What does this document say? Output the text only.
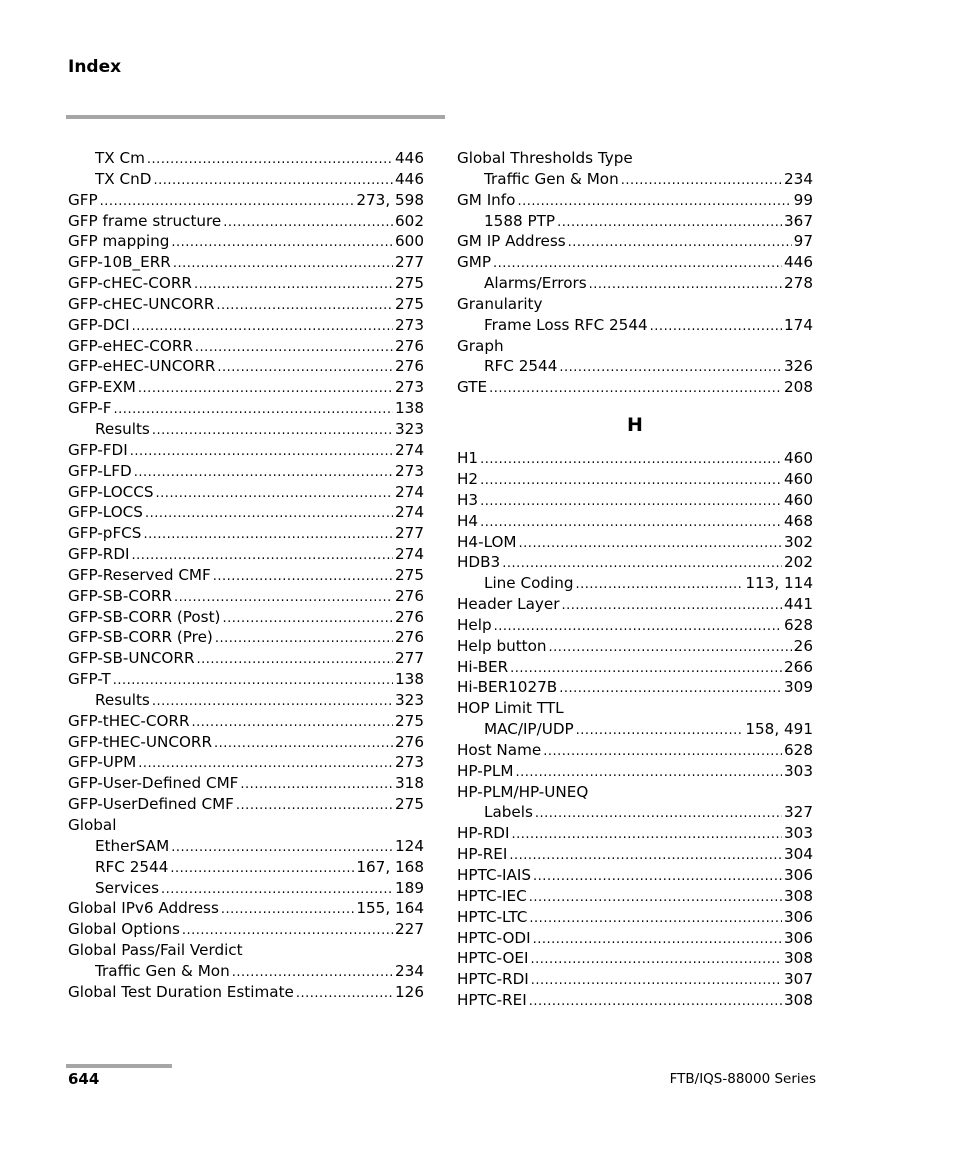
Index
TX Cm .....	446
TX CnD .....	446
GFP .....	273, 598
GFP frame structure .....	602
GFP mapping .....	600
GFP-10B_ERR .....	277
GFP-cHEC-CORR .....	275
GFP-cHEC-UNCORR .....	275
GFP-DCI .....	273
GFP-eHEC-CORR .....	276
GFP-eHEC-UNCORR .....	276
GFP-EXM .....	273
GFP-F .....	138
Results .....	323
GFP-FDI .....	274
GFP-LFD .....	273
GFP-LOCCS .....	274
GFP-LOCS .....	274
GFP-pFCS .....	277
GFP-RDI .....	274
GFP-Reserved CMF .....	275
GFP-SB-CORR .....	276
GFP-SB-CORR (Post) .....	276
GFP-SB-CORR (Pre) .....	276
GFP-SB-UNCORR .....	277
GFP-T .....	138
Results .....	323
GFP-tHEC-CORR .....	275
GFP-tHEC-UNCORR .....	276
GFP-UPM .....	273
GFP-User-Defined CMF .....	318
GFP-UserDefined CMF .....	275
Global
EtherSAM .....	124
RFC 2544 .....	167, 168
Services .....	189
Global IPv6 Address .....	155, 164
Global Options .....	227
Global Pass/Fail Verdict
Traffic Gen & Mon .....	234
Global Test Duration Estimate .....	126
Global Thresholds Type
Traffic Gen & Mon .....	234
GM Info .....	99
1588 PTP .....	367
GM IP Address .....	97
GMP .....	446
Alarms/Errors .....	278
Granularity
Frame Loss RFC 2544 .....	174
Graph
RFC 2544 .....	326
GTE .....	208
H
H1 .....	460
H2 .....	460
H3 .....	460
H4 .....	468
H4-LOM .....	302
HDB3 .....	202
Line Coding .....	113, 114
Header Layer .....	441
Help .....	628
Help button .....	26
Hi-BER .....	266
Hi-BER1027B .....	309
HOP Limit TTL
MAC/IP/UDP .....	158, 491
Host Name .....	628
HP-PLM .....	303
HP-PLM/HP-UNEQ
Labels .....	327
HP-RDI .....	303
HP-REI .....	304
HPTC-IAIS .....	306
HPTC-IEC .....	308
HPTC-LTC .....	306
HPTC-ODI .....	306
HPTC-OEI .....	308
HPTC-RDI .....	307
HPTC-REI .....	308
644	FTB/IQS-88000 Series
